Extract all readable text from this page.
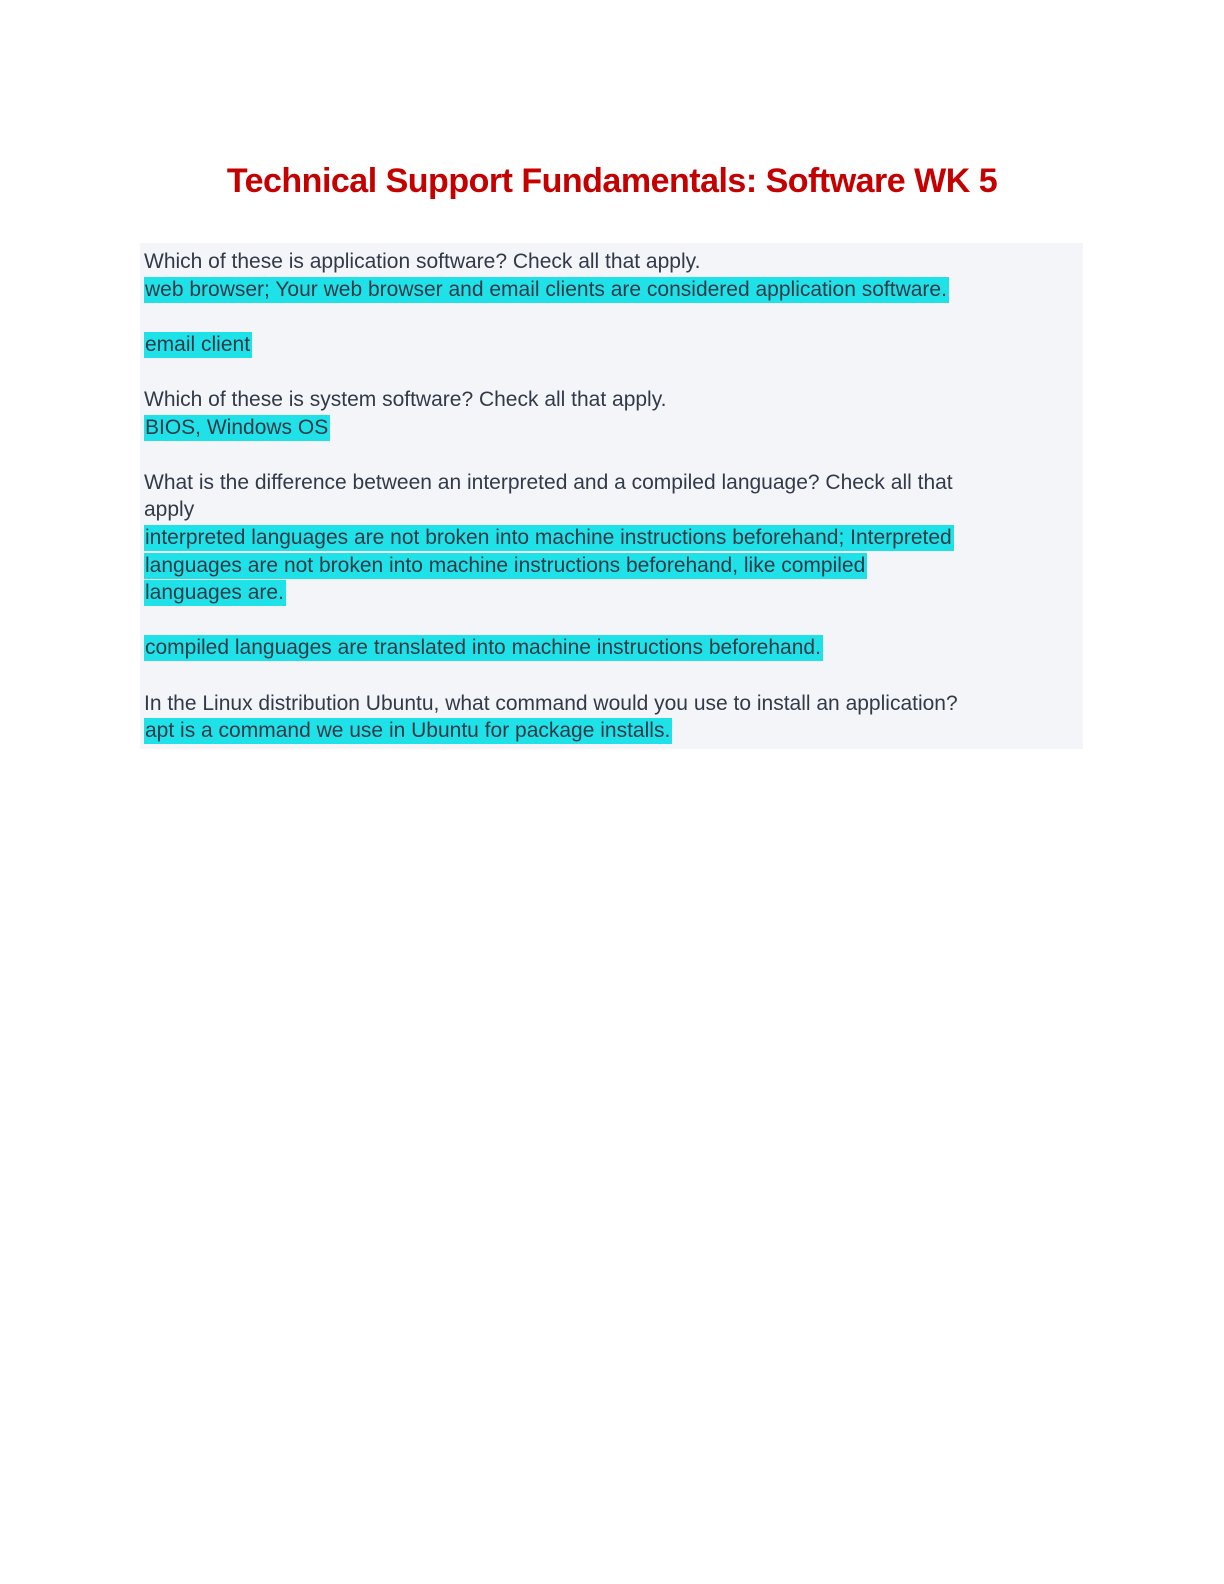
Technical Support Fundamentals: Software WK 5
Which of these is application software? Check all that apply.
web browser; Your web browser and email clients are considered application software.
email client
Which of these is system software? Check all that apply.
BIOS, Windows OS
What is the difference between an interpreted and a compiled language? Check all that
apply
interpreted languages are not broken into machine instructions beforehand; Interpreted
languages are not broken into machine instructions beforehand, like compiled
languages are.
compiled languages are translated into machine instructions beforehand.
In the Linux distribution Ubuntu, what command would you use to install an application?
apt is a command we use in Ubuntu for package installs.
